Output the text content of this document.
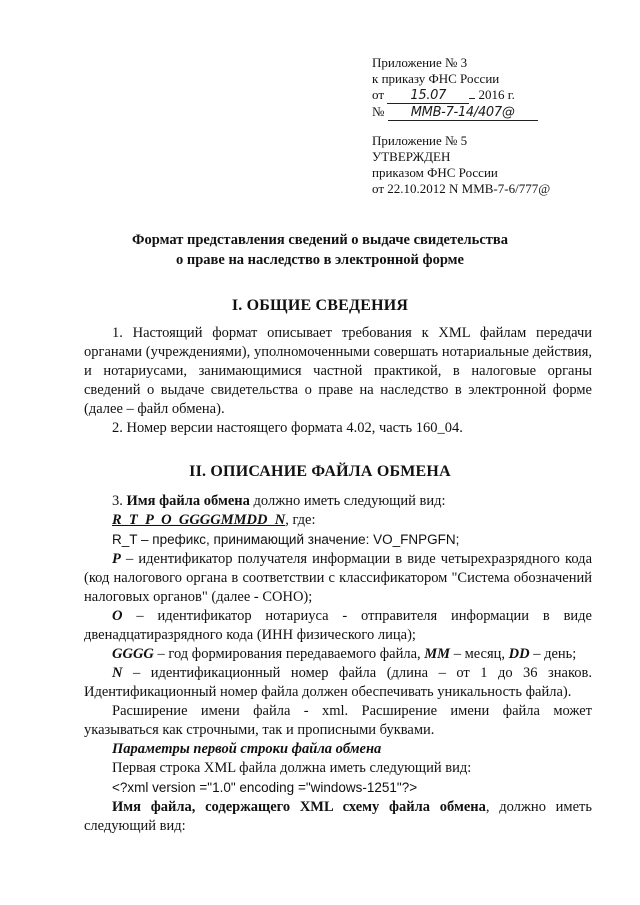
Приложение № 3
к приказу ФНС России
от 15.07 2016 г.
№ ММВ-7-14/407@
Приложение № 5
УТВЕРЖДЕН
приказом ФНС России
от 22.10.2012 N ММВ-7-6/777@
Формат представления сведений о выдаче свидетельства
о праве на наследство в электронной форме
I. ОБЩИЕ СВЕДЕНИЯ

1. Настоящий формат описывает требования к XML файлам передачи органами (учреждениями), уполномоченными совершать нотариальные действия, и нотариусами, занимающимися частной практикой, в налоговые органы сведений о выдаче свидетельства о праве на наследство в электронной форме (далее – файл обмена).

2. Номер версии настоящего формата 4.02, часть 160_04.

II. ОПИСАНИЕ ФАЙЛА ОБМЕНА

3. Имя файла обмена должно иметь следующий вид:

R_T_P_O_GGGGMMDD_N, где:

R_T – префикс, принимающий значение: VO_FNPGFN;

P – идентификатор получателя информации в виде четырехразрядного кода (код налогового органа в соответствии с классификатором "Система обозначений налоговых органов" (далее - СОНО);

O – идентификатор нотариуса - отправителя информации в виде двенадцатиразрядного кода (ИНН физического лица);

GGGG – год формирования передаваемого файла, MM – месяц, DD – день;

N – идентификационный номер файла (длина – от 1 до 36 знаков. Идентификационный номер файла должен обеспечивать уникальность файла).

Расширение имени файла - xml. Расширение имени файла может указываться как строчными, так и прописными буквами.

Параметры первой строки файла обмена

Первая строка XML файла должна иметь следующий вид:

<?xml version ="1.0" encoding ="windows-1251"?>

Имя файла, содержащего XML схему файла обмена, должно иметь следующий вид:
